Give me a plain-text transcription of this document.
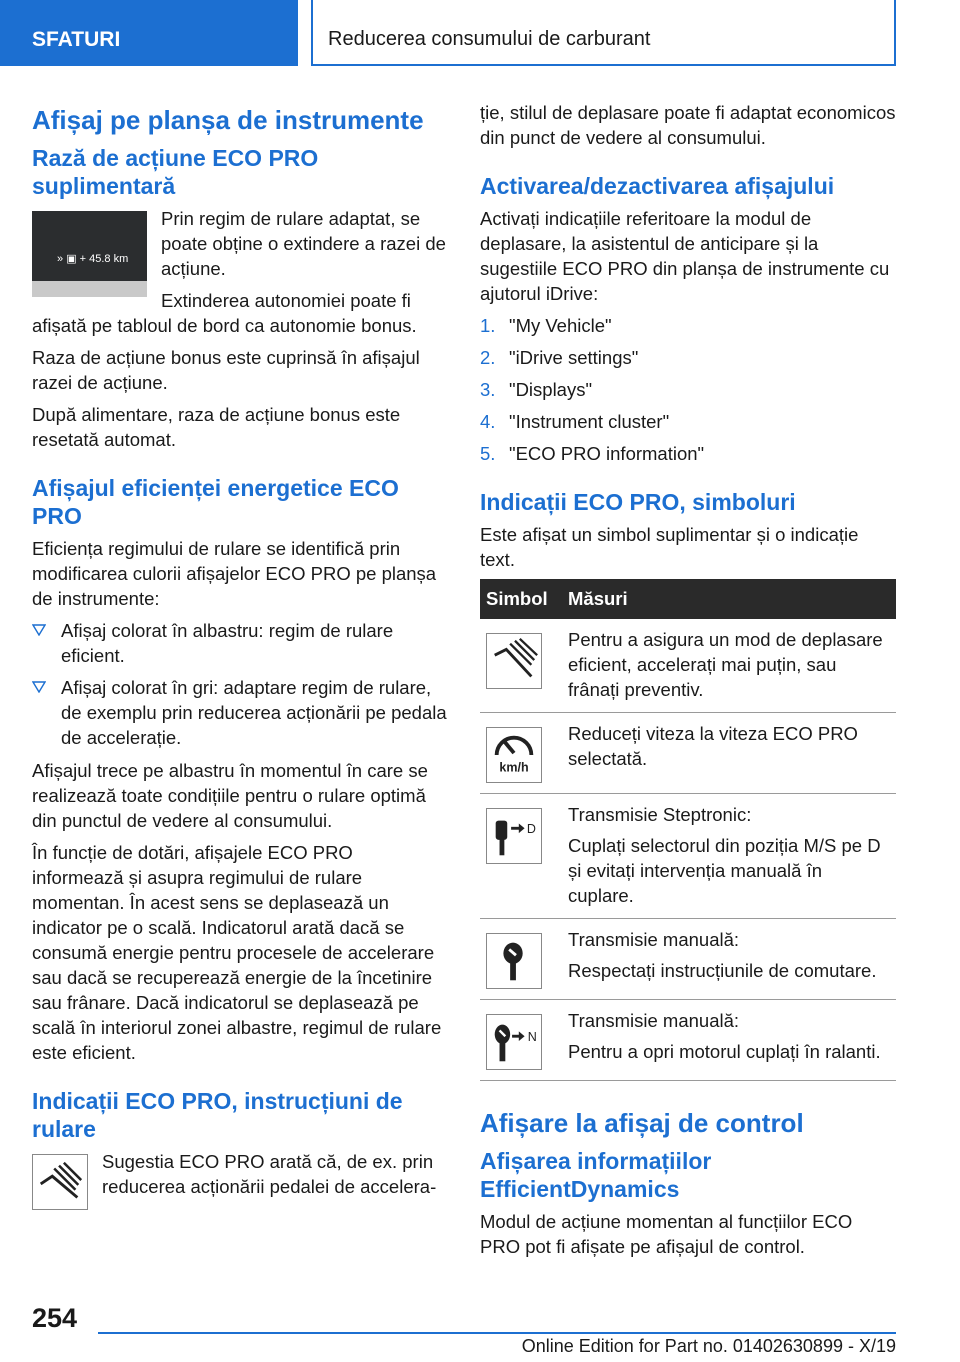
SFATURI	Reducerea consumului de carburant
Afișaj pe planșa de instrumente
Rază de acțiune ECO PRO suplimentară
» ▣ + 45.8 km
Prin regim de rulare adaptat, se poate obține o extindere a razei de acțiune.
Extinderea autonomiei poate fi afișată pe tabloul de bord ca autonomie bonus.
Raza de acțiune bonus este cuprinsă în afișajul razei de acțiune.
După alimentare, raza de acțiune bonus este resetată automat.
Afișajul eficienței energetice ECO PRO
Eficiența regimului de rulare se identifică prin modificarea culorii afișajelor ECO PRO pe planșa de instrumente:
Afișaj colorat în albastru: regim de rulare eficient.
Afișaj colorat în gri: adaptare regim de rulare, de exemplu prin reducerea acționării pe pedala de accelerație.
Afișajul trece pe albastru în momentul în care se realizează toate condițiile pentru o rulare optimă din punctul de vedere al consumului.
În funcție de dotări, afișajele ECO PRO informează și asupra regimului de rulare momentan. În acest sens se deplasează un indicator pe o scală. Indicatorul arată dacă se consumă energie pentru procesele de accelerare sau dacă se recuperează energie de la încetinire sau frânare. Dacă indicatorul se deplasează pe scală în interiorul zonei albastre, regimul de rulare este eficient.
Indicații ECO PRO, instrucțiuni de rulare
Sugestia ECO PRO arată că, de ex. prin reducerea acționării pedalei de accelera-
ție, stilul de deplasare poate fi adaptat economicos din punct de vedere al consumului.
Activarea/dezactivarea afișajului
Activați indicațiile referitoare la modul de deplasare, la asistentul de anticipare și la sugestiile ECO PRO din planșa de instrumente cu ajutorul iDrive:
1. "My Vehicle"
2. "iDrive settings"
3. "Displays"
4. "Instrument cluster"
5. "ECO PRO information"
Indicații ECO PRO, simboluri
Este afișat un simbol suplimentar și o indicație text.
Simbol	Măsuri

Pentru a asigura un mod de deplasare eficient, accelerați mai puțin, sau frânați preventiv.

km/h	Reduceți viteza la viteza ECO PRO selectată.

D	Transmisie Steptronic:
Cuplați selectorul din poziția M/S pe D și evitați intervenția manuală în cuplare.

Transmisie manuală:
Respectați instrucțiunile de comutare.

N	Transmisie manuală:
Pentru a opri motorul cuplați în ralanti.
Afișare la afișaj de control
Afișarea informațiilor EfficientDynamics
Modul de acțiune momentan al funcțiilor ECO PRO pot fi afișate pe afișajul de control.
254
Online Edition for Part no. 01402630899 - X/19
